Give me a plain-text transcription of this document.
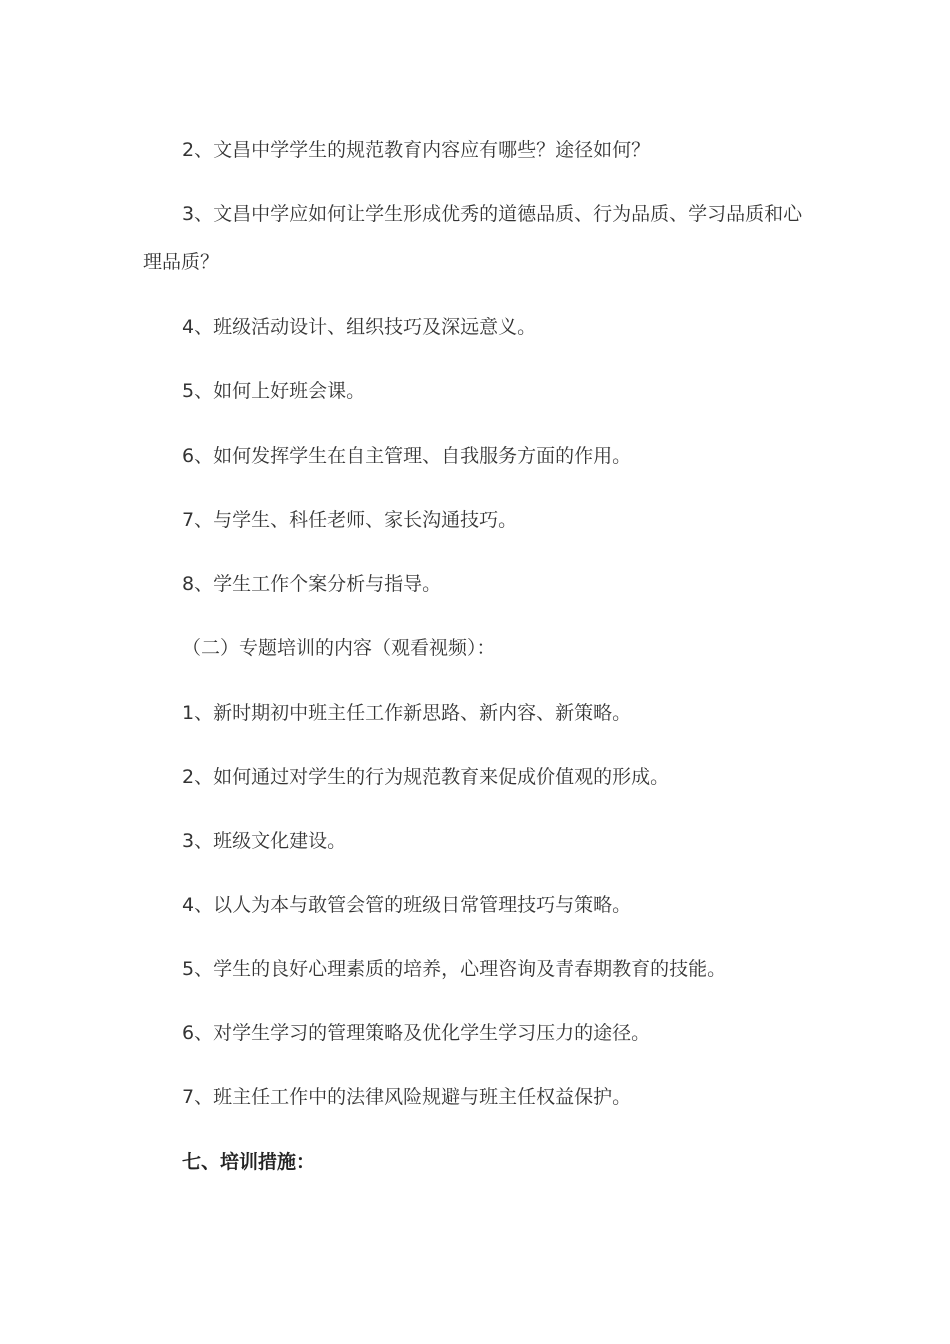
2、文昌中学学生的规范教育内容应有哪些？途径如何？

3、文昌中学应如何让学生形成优秀的道德品质、行为品质、学习品质和心理品质？

4、班级活动设计、组织技巧及深远意义。

5、如何上好班会课。

6、如何发挥学生在自主管理、自我服务方面的作用。

7、与学生、科任老师、家长沟通技巧。

8、学生工作个案分析与指导。

（二）专题培训的内容（观看视频）：

1、新时期初中班主任工作新思路、新内容、新策略。

2、如何通过对学生的行为规范教育来促成价值观的形成。

3、班级文化建设。

4、以人为本与敢管会管的班级日常管理技巧与策略。

5、学生的良好心理素质的培养，心理咨询及青春期教育的技能。

6、对学生学习的管理策略及优化学生学习压力的途径。

7、班主任工作中的法律风险规避与班主任权益保护。

七、培训措施：
